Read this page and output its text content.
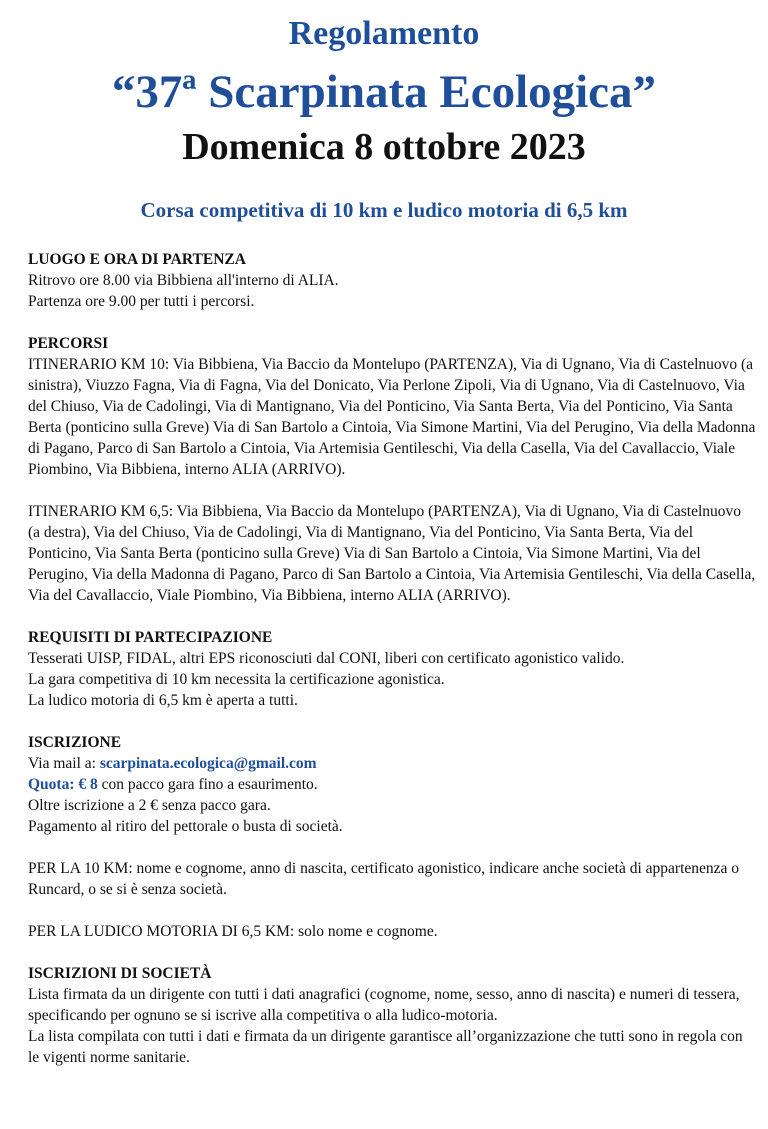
Regolamento
“37ª Scarpinata Ecologica”
Domenica 8 ottobre 2023
Corsa competitiva di 10 km e ludico motoria di 6,5 km

LUOGO E ORA DI PARTENZA

Ritrovo ore 8.00 via Bibbiena all'interno di ALIA.

Partenza ore 9.00 per tutti i percorsi.

PERCORSI

ITINERARIO KM 10: Via Bibbiena, Via Baccio da Montelupo (PARTENZA), Via di Ugnano, Via di Castelnuovo (a sinistra), Viuzzo Fagna, Via di Fagna, Via del Donicato, Via Perlone Zipoli, Via di Ugnano, Via di Castelnuovo, Via del Chiuso, Via de Cadolingi, Via di Mantignano, Via del Ponticino, Via Santa Berta, Via del Ponticino, Via Santa Berta (ponticino sulla Greve) Via di San Bartolo a Cintoia, Via Simone Martini, Via del Perugino, Via della Madonna di Pagano, Parco di San Bartolo a Cintoia, Via Artemisia Gentileschi, Via della Casella, Via del Cavallaccio, Viale Piombino, Via Bibbiena, interno ALIA (ARRIVO).

ITINERARIO KM 6,5: Via Bibbiena, Via Baccio da Montelupo (PARTENZA), Via di Ugnano, Via di Castelnuovo (a destra), Via del Chiuso, Via de Cadolingi, Via di Mantignano, Via del Ponticino, Via Santa Berta, Via del Ponticino, Via Santa Berta (ponticino sulla Greve) Via di San Bartolo a Cintoia, Via Simone Martini, Via del Perugino, Via della Madonna di Pagano, Parco di San Bartolo a Cintoia, Via Artemisia Gentileschi, Via della Casella, Via del Cavallaccio, Viale Piombino, Via Bibbiena, interno ALIA (ARRIVO).

REQUISITI DI PARTECIPAZIONE

Tesserati UISP, FIDAL, altri EPS riconosciuti dal CONI, liberi con certificato agonistico valido.

La gara competitiva di 10 km necessita la certificazione agonistica.

La ludico motoria di 6,5 km è aperta a tutti.

ISCRIZIONE

Via mail a: scarpinata.ecologica@gmail.com

Quota: € 8 con pacco gara fino a esaurimento.

Oltre iscrizione a 2 € senza pacco gara.

Pagamento al ritiro del pettorale o busta di società.

PER LA 10 KM: nome e cognome, anno di nascita, certificato agonistico, indicare anche società di appartenenza o Runcard, o se si è senza società.

PER LA LUDICO MOTORIA DI 6,5 KM: solo nome e cognome.

ISCRIZIONI DI SOCIETÀ

Lista firmata da un dirigente con tutti i dati anagrafici (cognome, nome, sesso, anno di nascita) e numeri di tessera, specificando per ognuno se si iscrive alla competitiva o alla ludico-motoria.

La lista compilata con tutti i dati e firmata da un dirigente garantisce all’organizzazione che tutti sono in regola con le vigenti norme sanitarie.
